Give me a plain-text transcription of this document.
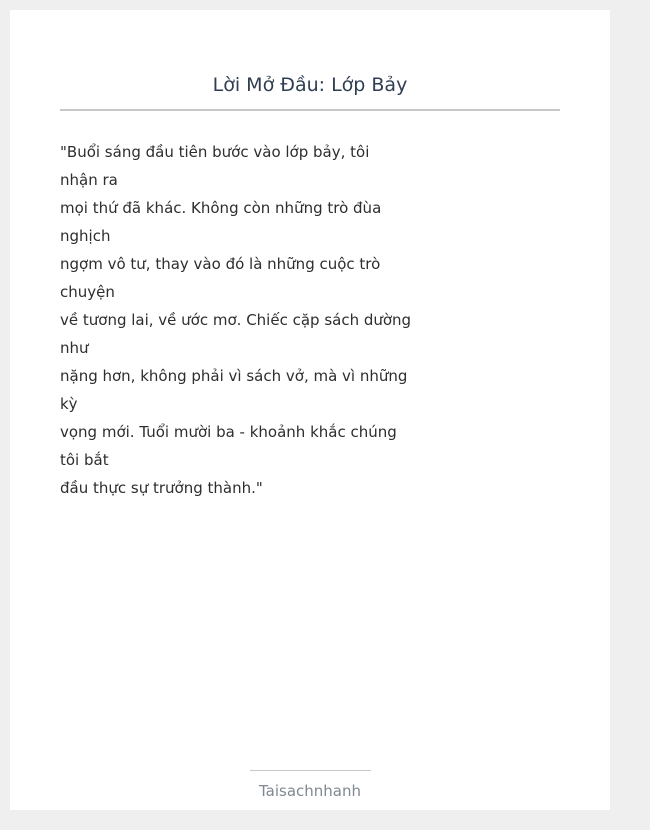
Lời Mở Đầu: Lớp Bảy
"Buổi sáng đầu tiên bước vào lớp bảy, tôi
nhận ra
mọi thứ đã khác. Không còn những trò đùa
nghịch
ngợm vô tư, thay vào đó là những cuộc trò
chuyện
về tương lai, về ước mơ. Chiếc cặp sách dường
như
nặng hơn, không phải vì sách vở, mà vì những
kỳ
vọng mới. Tuổi mười ba - khoảnh khắc chúng
tôi bắt
đầu thực sự trưởng thành."
Taisachnhanh
